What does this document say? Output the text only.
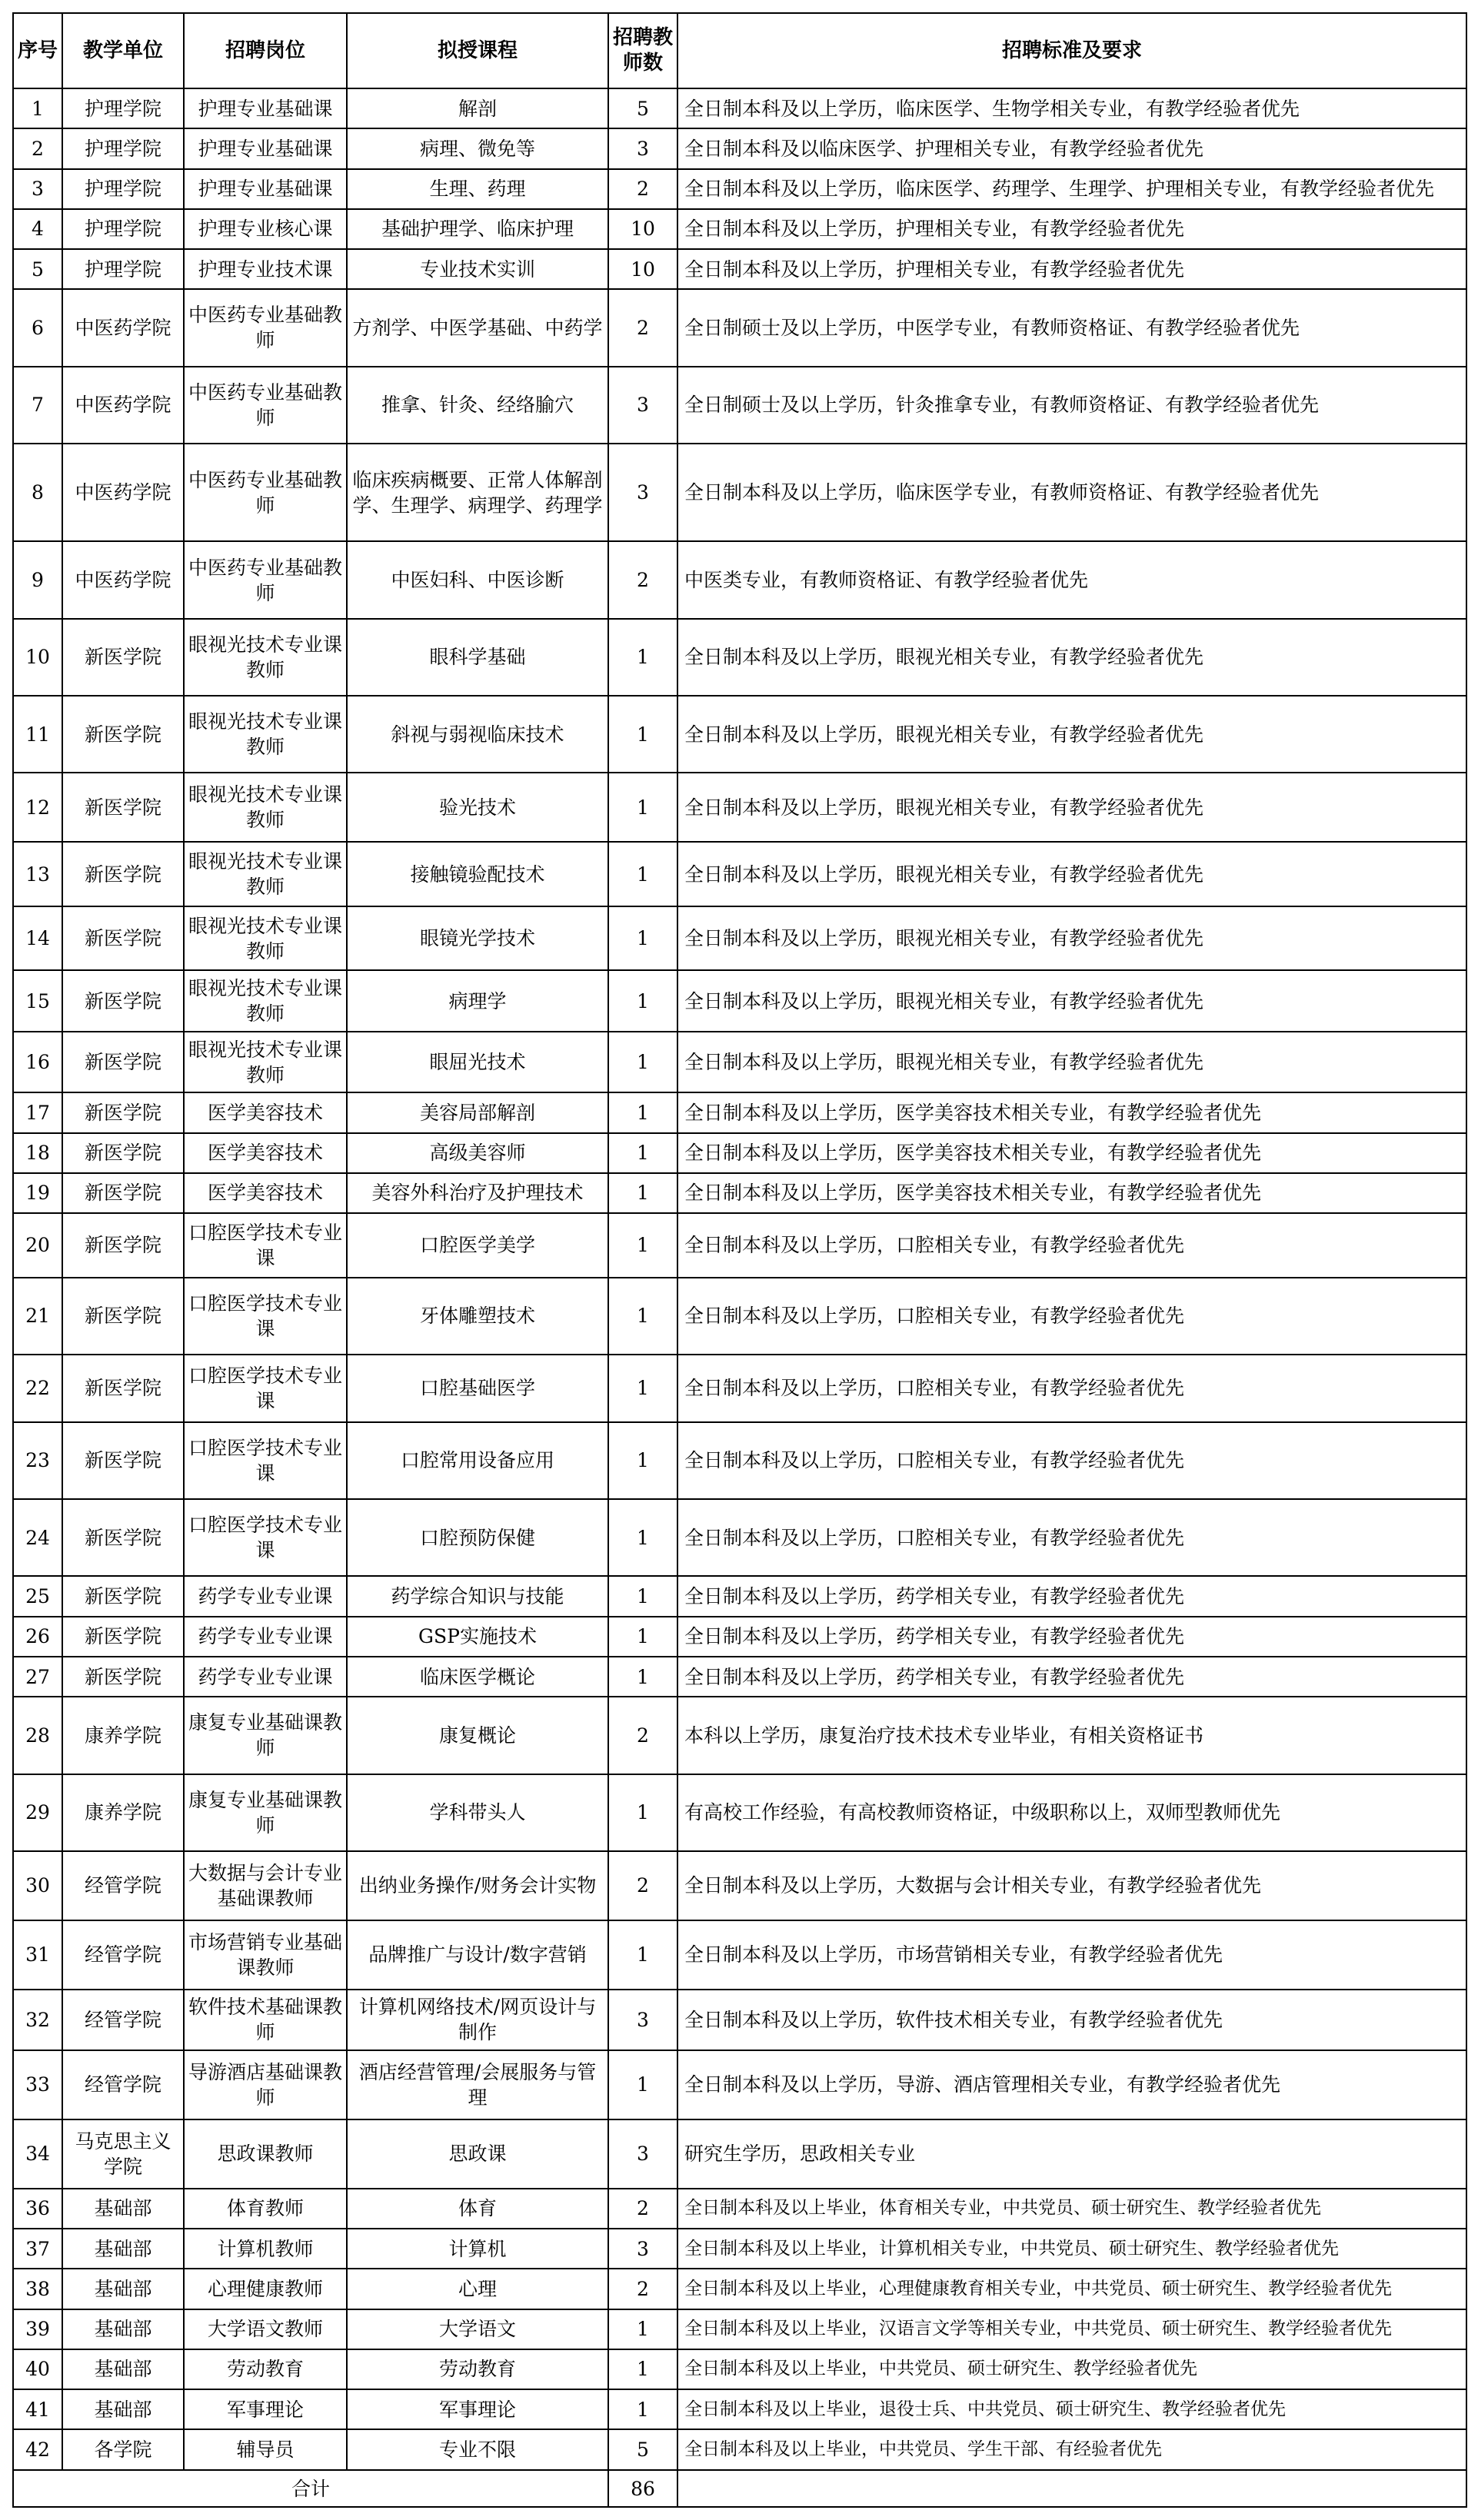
序号	教学单位	招聘岗位	拟授课程	招聘教师数	招聘标准及要求
1	护理学院	护理专业基础课	解剖	5	全日制本科及以上学历，临床医学、生物学相关专业，有教学经验者优先
2	护理学院	护理专业基础课	病理、微免等	3	全日制本科及以临床医学、护理相关专业，有教学经验者优先
3	护理学院	护理专业基础课	生理、药理	2	全日制本科及以上学历，临床医学、药理学、生理学、护理相关专业，有教学经验者优先
4	护理学院	护理专业核心课	基础护理学、临床护理	10	全日制本科及以上学历，护理相关专业，有教学经验者优先
5	护理学院	护理专业技术课	专业技术实训	10	全日制本科及以上学历，护理相关专业，有教学经验者优先
6	中医药学院	中医药专业基础教师	方剂学、中医学基础、中药学	2	全日制硕士及以上学历，中医学专业，有教师资格证、有教学经验者优先
7	中医药学院	中医药专业基础教师	推拿、针灸、经络腧穴	3	全日制硕士及以上学历，针灸推拿专业，有教师资格证、有教学经验者优先
8	中医药学院	中医药专业基础教师	临床疾病概要、正常人体解剖学、生理学、病理学、药理学	3	全日制本科及以上学历，临床医学专业，有教师资格证、有教学经验者优先
9	中医药学院	中医药专业基础教师	中医妇科、中医诊断	2	中医类专业，有教师资格证、有教学经验者优先
10	新医学院	眼视光技术专业课教师	眼科学基础	1	全日制本科及以上学历，眼视光相关专业，有教学经验者优先
11	新医学院	眼视光技术专业课教师	斜视与弱视临床技术	1	全日制本科及以上学历，眼视光相关专业，有教学经验者优先
12	新医学院	眼视光技术专业课教师	验光技术	1	全日制本科及以上学历，眼视光相关专业，有教学经验者优先
13	新医学院	眼视光技术专业课教师	接触镜验配技术	1	全日制本科及以上学历，眼视光相关专业，有教学经验者优先
14	新医学院	眼视光技术专业课教师	眼镜光学技术	1	全日制本科及以上学历，眼视光相关专业，有教学经验者优先
15	新医学院	眼视光技术专业课教师	病理学	1	全日制本科及以上学历，眼视光相关专业，有教学经验者优先
16	新医学院	眼视光技术专业课教师	眼屈光技术	1	全日制本科及以上学历，眼视光相关专业，有教学经验者优先
17	新医学院	医学美容技术	美容局部解剖	1	全日制本科及以上学历，医学美容技术相关专业，有教学经验者优先
18	新医学院	医学美容技术	高级美容师	1	全日制本科及以上学历，医学美容技术相关专业，有教学经验者优先
19	新医学院	医学美容技术	美容外科治疗及护理技术	1	全日制本科及以上学历，医学美容技术相关专业，有教学经验者优先
20	新医学院	口腔医学技术专业课	口腔医学美学	1	全日制本科及以上学历，口腔相关专业，有教学经验者优先
21	新医学院	口腔医学技术专业课	牙体雕塑技术	1	全日制本科及以上学历，口腔相关专业，有教学经验者优先
22	新医学院	口腔医学技术专业课	口腔基础医学	1	全日制本科及以上学历，口腔相关专业，有教学经验者优先
23	新医学院	口腔医学技术专业课	口腔常用设备应用	1	全日制本科及以上学历，口腔相关专业，有教学经验者优先
24	新医学院	口腔医学技术专业课	口腔预防保健	1	全日制本科及以上学历，口腔相关专业，有教学经验者优先
25	新医学院	药学专业专业课	药学综合知识与技能	1	全日制本科及以上学历，药学相关专业，有教学经验者优先
26	新医学院	药学专业专业课	GSP实施技术	1	全日制本科及以上学历，药学相关专业，有教学经验者优先
27	新医学院	药学专业专业课	临床医学概论	1	全日制本科及以上学历，药学相关专业，有教学经验者优先
28	康养学院	康复专业基础课教师	康复概论	2	本科以上学历，康复治疗技术技术专业毕业，有相关资格证书
29	康养学院	康复专业基础课教师	学科带头人	1	有高校工作经验，有高校教师资格证，中级职称以上，双师型教师优先
30	经管学院	大数据与会计专业基础课教师	出纳业务操作/财务会计实物	2	全日制本科及以上学历，大数据与会计相关专业，有教学经验者优先
31	经管学院	市场营销专业基础课教师	品牌推广与设计/数字营销	1	全日制本科及以上学历，市场营销相关专业，有教学经验者优先
32	经管学院	软件技术基础课教师	计算机网络技术/网页设计与制作	3	全日制本科及以上学历，软件技术相关专业，有教学经验者优先
33	经管学院	导游酒店基础课教师	酒店经营管理/会展服务与管理	1	全日制本科及以上学历，导游、酒店管理相关专业，有教学经验者优先
34	马克思主义学院	思政课教师	思政课	3	研究生学历，思政相关专业
36	基础部	体育教师	体育	2	全日制本科及以上毕业，体育相关专业，中共党员、硕士研究生、教学经验者优先
37	基础部	计算机教师	计算机	3	全日制本科及以上毕业，计算机相关专业，中共党员、硕士研究生、教学经验者优先
38	基础部	心理健康教师	心理	2	全日制本科及以上毕业，心理健康教育相关专业，中共党员、硕士研究生、教学经验者优先
39	基础部	大学语文教师	大学语文	1	全日制本科及以上毕业，汉语言文学等相关专业，中共党员、硕士研究生、教学经验者优先
40	基础部	劳动教育	劳动教育	1	全日制本科及以上毕业，中共党员、硕士研究生、教学经验者优先
41	基础部	军事理论	军事理论	1	全日制本科及以上毕业，退役士兵、中共党员、硕士研究生、教学经验者优先
42	各学院	辅导员	专业不限	5	全日制本科及以上毕业，中共党员、学生干部、有经验者优先
合计				86	
